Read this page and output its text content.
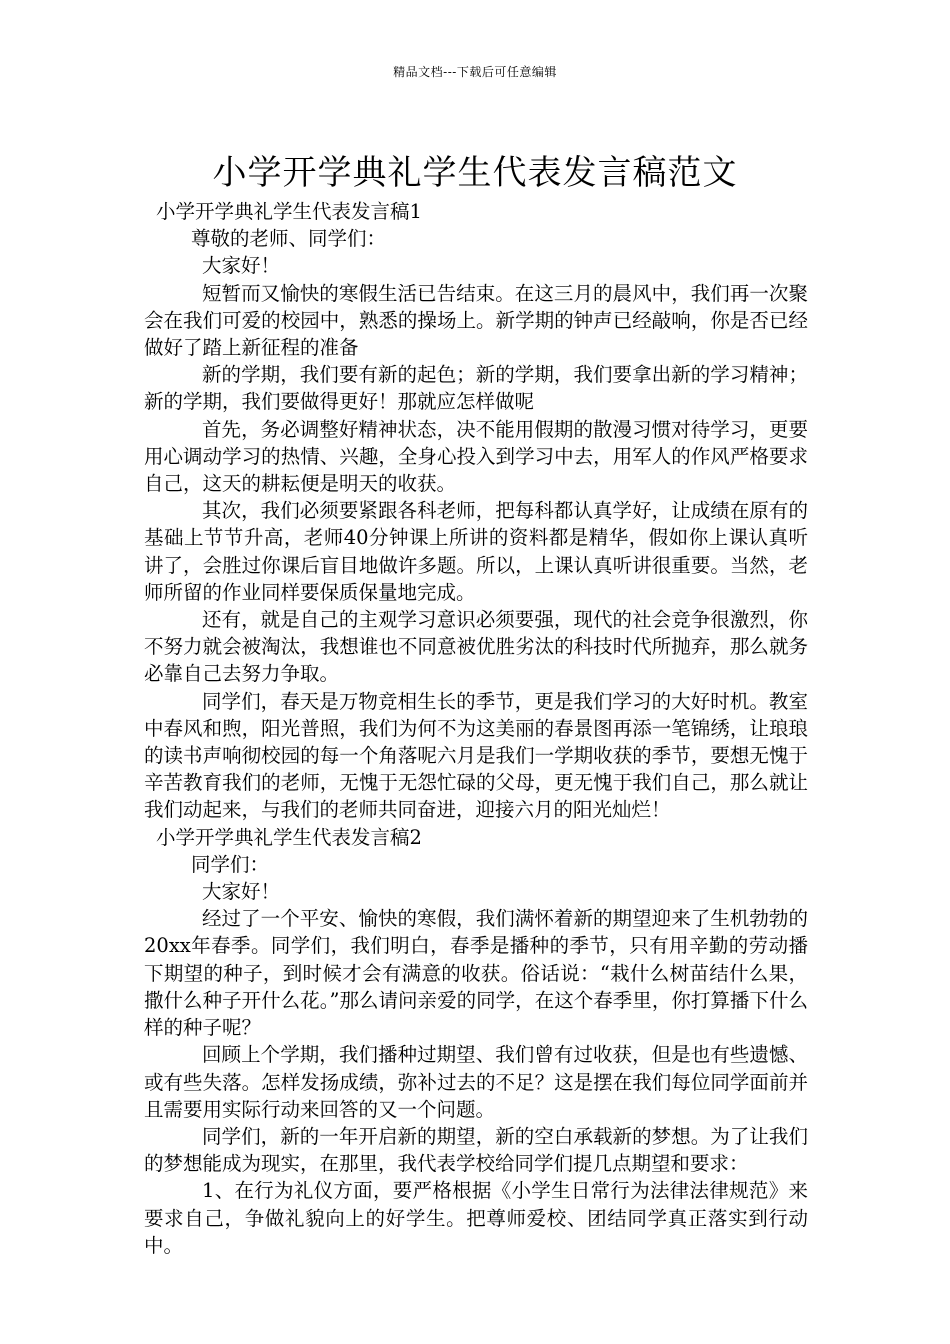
精品文档---下载后可任意编辑
小学开学典礼学生代表发言稿范文

小学开学典礼学生代表发言稿1

尊敬的老师、同学们：

大家好！

短暂而又愉快的寒假生活已告结束。在这三月的晨风中，我们再一次聚会在我们可爱的校园中，熟悉的操场上。新学期的钟声已经敲响，你是否已经做好了踏上新征程的准备

新的学期，我们要有新的起色；新的学期，我们要拿出新的学习精神；新的学期，我们要做得更好！那就应怎样做呢

首先，务必调整好精神状态，决不能用假期的散漫习惯对待学习，更要用心调动学习的热情、兴趣，全身心投入到学习中去，用军人的作风严格要求自己，这天的耕耘便是明天的收获。

其次，我们必须要紧跟各科老师，把每科都认真学好，让成绩在原有的基础上节节升高，老师40分钟课上所讲的资料都是精华，假如你上课认真听讲了，会胜过你课后盲目地做许多题。所以，上课认真听讲很重要。当然，老师所留的作业同样要保质保量地完成。

还有，就是自己的主观学习意识必须要强，现代的社会竞争很激烈，你不努力就会被淘汰，我想谁也不同意被优胜劣汰的科技时代所抛弃，那么就务必靠自己去努力争取。

同学们，春天是万物竞相生长的季节，更是我们学习的大好时机。教室中春风和煦，阳光普照，我们为何不为这美丽的春景图再添一笔锦绣，让琅琅的读书声响彻校园的每一个角落呢六月是我们一学期收获的季节，要想无愧于辛苦教育我们的老师，无愧于无怨忙碌的父母，更无愧于我们自己，那么就让我们动起来，与我们的老师共同奋进，迎接六月的阳光灿烂！

小学开学典礼学生代表发言稿2

同学们：

大家好！

经过了一个平安、愉快的寒假，我们满怀着新的期望迎来了生机勃勃的20xx年春季。同学们，我们明白，春季是播种的季节，只有用辛勤的劳动播下期望的种子，到时候才会有满意的收获。俗话说：“栽什么树苗结什么果，撒什么种子开什么花。”那么请问亲爱的同学，在这个春季里，你打算播下什么样的种子呢？

回顾上个学期，我们播种过期望、我们曾有过收获，但是也有些遗憾、或有些失落。怎样发扬成绩，弥补过去的不足？这是摆在我们每位同学面前并且需要用实际行动来回答的又一个问题。

同学们，新的一年开启新的期望，新的空白承载新的梦想。为了让我们的梦想能成为现实，在那里，我代表学校给同学们提几点期望和要求：

1、在行为礼仪方面，要严格根据《小学生日常行为法律法律规范》来要求自己，争做礼貌向上的好学生。把尊师爱校、团结同学真正落实到行动中。
